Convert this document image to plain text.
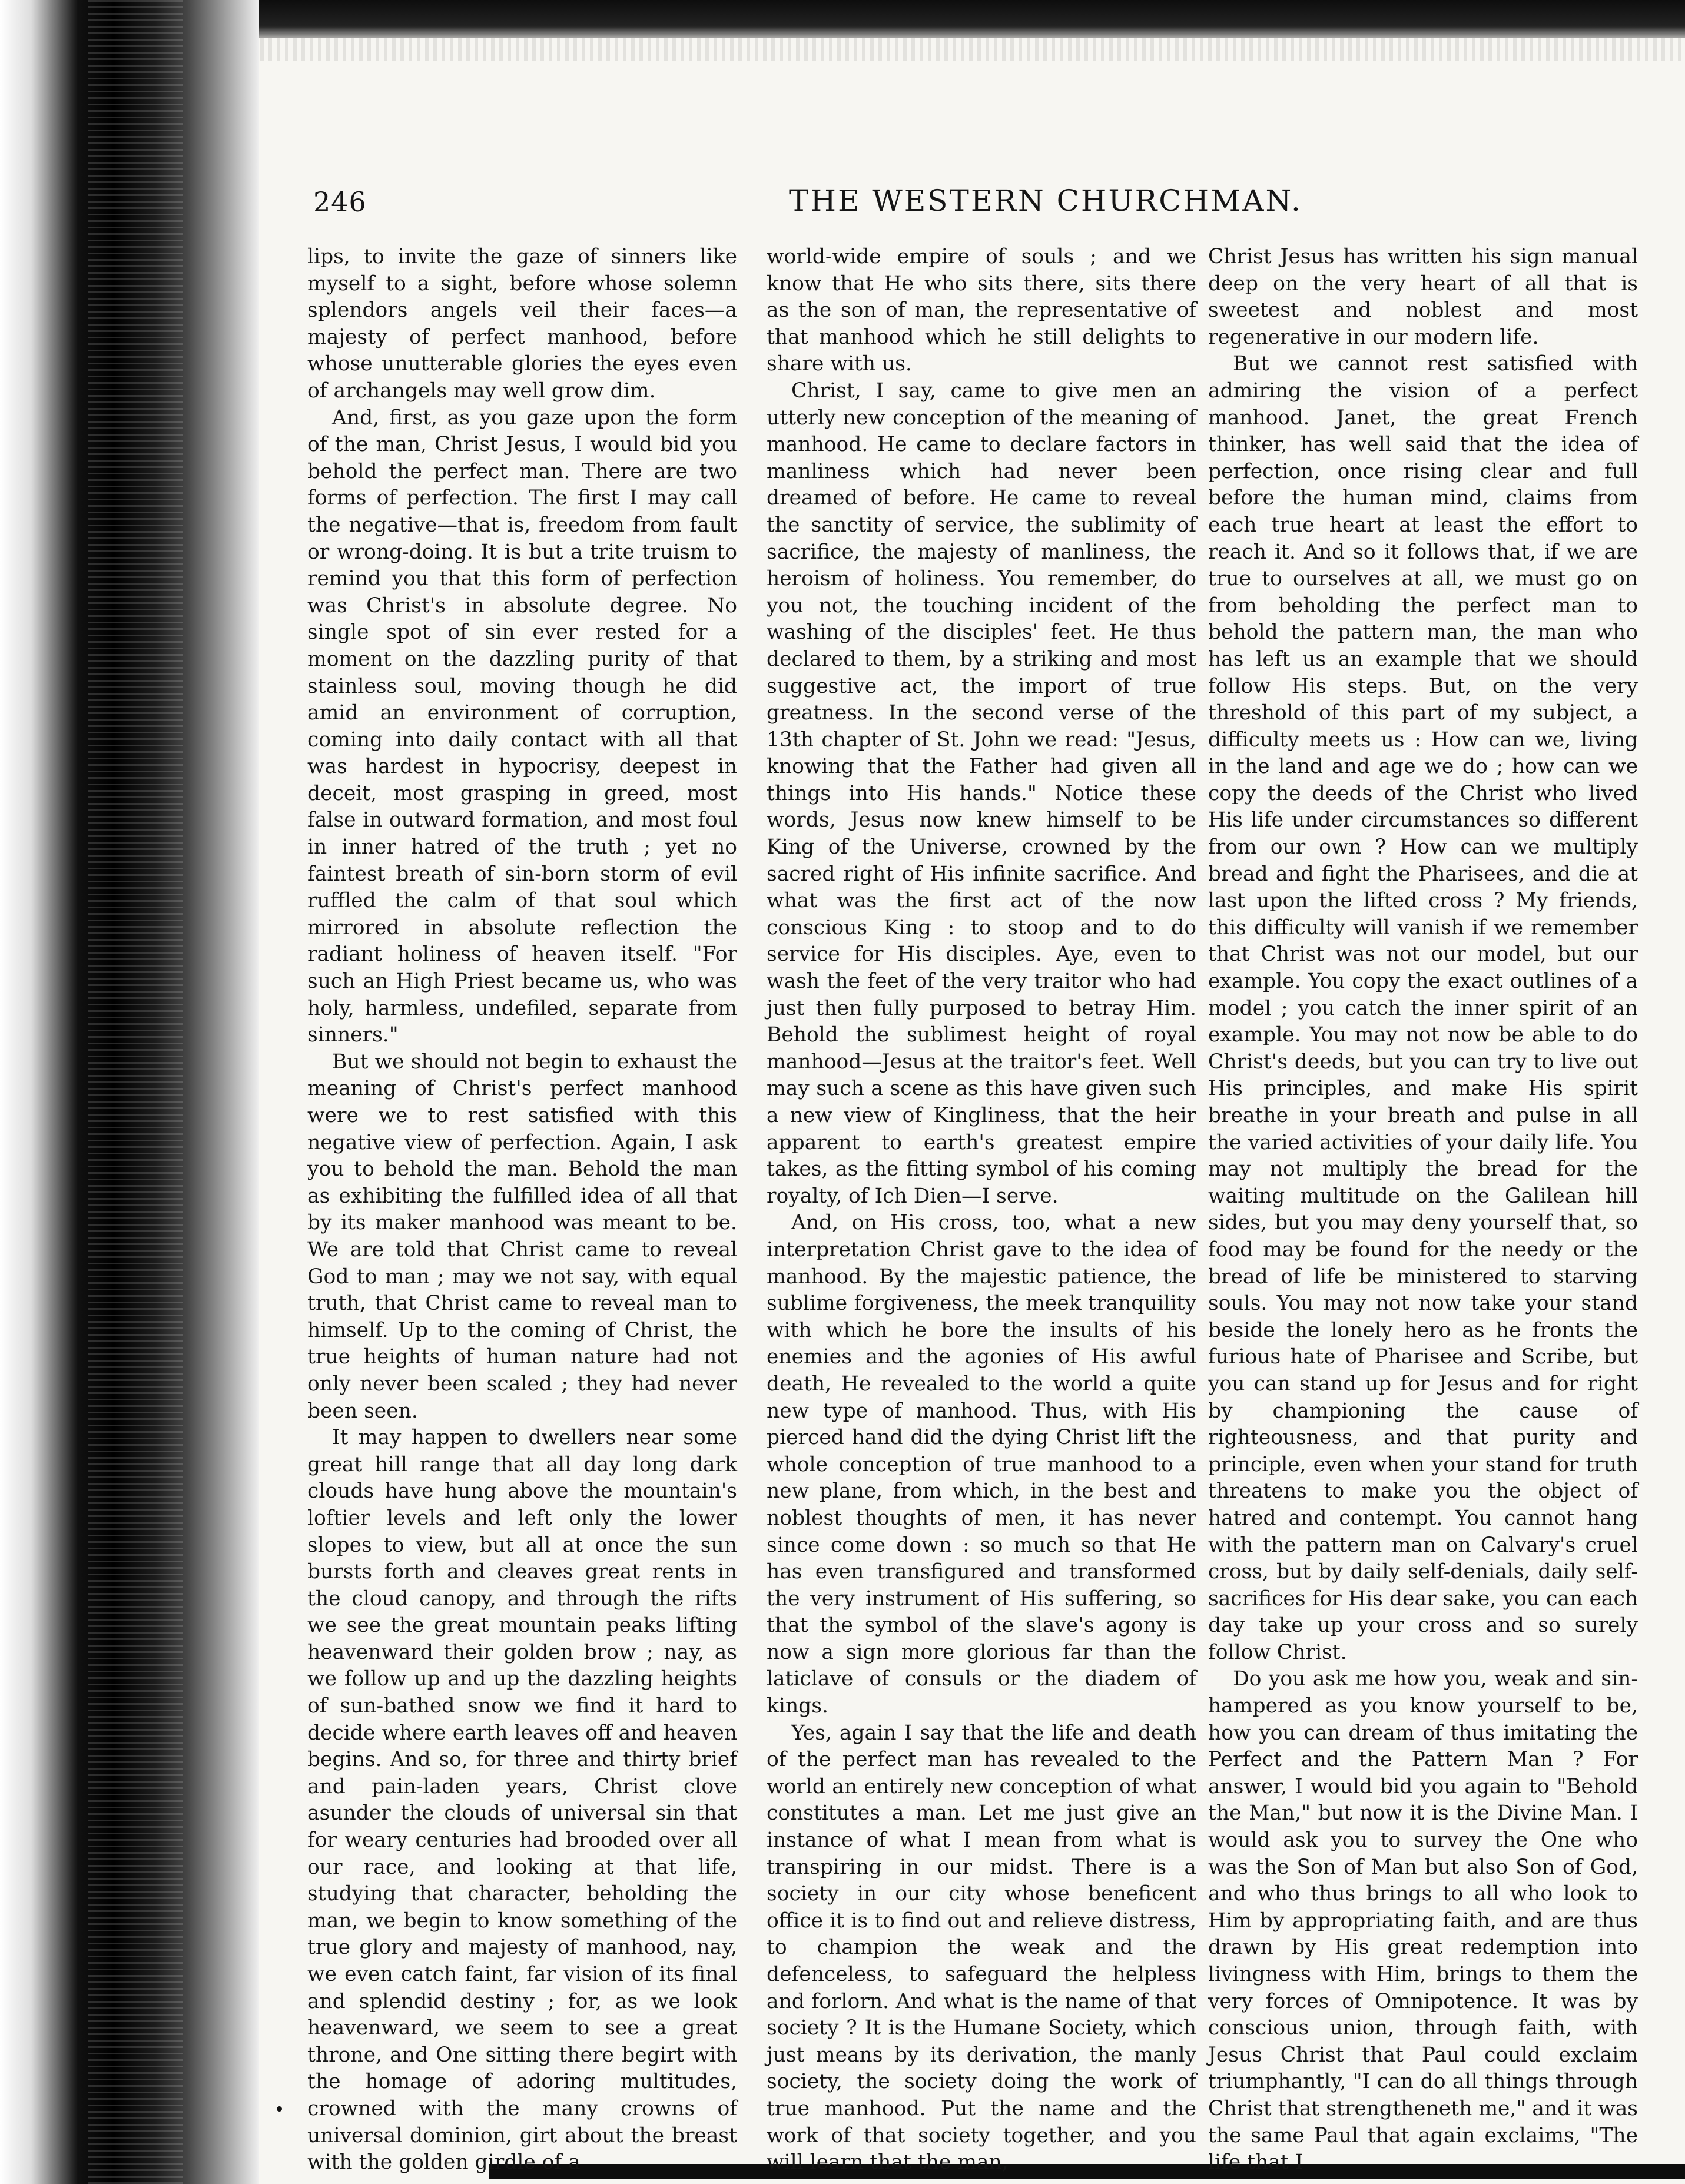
246	THE WESTERN CHURCHMAN.

lips, to invite the gaze of sinners like myself to a sight, before whose solemn splendors angels veil their faces—a majesty of perfect manhood, before whose unutterable glories the eyes even of archangels may well grow dim.

And, first, as you gaze upon the form of the man, Christ Jesus, I would bid you behold the perfect man. There are two forms of perfection. The first I may call the negative—that is, freedom from fault or wrong-doing. It is but a trite truism to remind you that this form of perfection was Christ's in absolute degree. No single spot of sin ever rested for a moment on the dazzling purity of that stainless soul, moving though he did amid an environment of corruption, coming into daily contact with all that was hardest in hypocrisy, deepest in deceit, most grasping in greed, most false in outward formation, and most foul in inner hatred of the truth ; yet no faintest breath of sin-born storm of evil ruffled the calm of that soul which mirrored in absolute reflection the radiant holiness of heaven itself. "For such an High Priest became us, who was holy, harmless, undefiled, separate from sinners."

But we should not begin to exhaust the meaning of Christ's perfect manhood were we to rest satisfied with this negative view of perfection. Again, I ask you to behold the man. Behold the man as exhibiting the fulfilled idea of all that by its maker manhood was meant to be. We are told that Christ came to reveal God to man ; may we not say, with equal truth, that Christ came to reveal man to himself. Up to the coming of Christ, the true heights of human nature had not only never been scaled ; they had never been seen.

It may happen to dwellers near some great hill range that all day long dark clouds have hung above the mountain's loftier levels and left only the lower slopes to view, but all at once the sun bursts forth and cleaves great rents in the cloud canopy, and through the rifts we see the great mountain peaks lifting heavenward their golden brow ; nay, as we follow up and up the dazzling heights of sun-bathed snow we find it hard to decide where earth leaves off and heaven begins. And so, for three and thirty brief and pain-laden years, Christ clove asunder the clouds of universal sin that for weary centuries had brooded over all our race, and looking at that life, studying that character, beholding the man, we begin to know something of the true glory and majesty of manhood, nay, we even catch faint, far vision of its final and splendid destiny ; for, as we look heavenward, we seem to see a great throne, and One sitting there begirt with the homage of adoring multitudes, crowned with the many crowns of universal dominion, girt about the breast with the golden girdle of a

world-wide empire of souls ; and we know that He who sits there, sits there as the son of man, the representative of that manhood which he still delights to share with us.

Christ, I say, came to give men an utterly new conception of the meaning of manhood. He came to declare factors in manliness which had never been dreamed of before. He came to reveal the sanctity of service, the sublimity of sacrifice, the majesty of manliness, the heroism of holiness. You remember, do you not, the touching incident of the washing of the disciples' feet. He thus declared to them, by a striking and most suggestive act, the import of true greatness. In the second verse of the 13th chapter of St. John we read: "Jesus, knowing that the Father had given all things into His hands." Notice these words, Jesus now knew himself to be King of the Universe, crowned by the sacred right of His infinite sacrifice. And what was the first act of the now conscious King : to stoop and to do service for His disciples. Aye, even to wash the feet of the very traitor who had just then fully purposed to betray Him. Behold the sublimest height of royal manhood—Jesus at the traitor's feet. Well may such a scene as this have given such a new view of Kingliness, that the heir apparent to earth's greatest empire takes, as the fitting symbol of his coming royalty, of Ich Dien—I serve.

And, on His cross, too, what a new interpretation Christ gave to the idea of manhood. By the majestic patience, the sublime forgiveness, the meek tranquility with which he bore the insults of his enemies and the agonies of His awful death, He revealed to the world a quite new type of manhood. Thus, with His pierced hand did the dying Christ lift the whole conception of true manhood to a new plane, from which, in the best and noblest thoughts of men, it has never since come down : so much so that He has even transfigured and transformed the very instrument of His suffering, so that the symbol of the slave's agony is now a sign more glorious far than the laticlave of consuls or the diadem of kings.

Yes, again I say that the life and death of the perfect man has revealed to the world an entirely new conception of what constitutes a man. Let me just give an instance of what I mean from what is transpiring in our midst. There is a society in our city whose beneficent office it is to find out and relieve distress, to champion the weak and the defenceless, to safeguard the helpless and forlorn. And what is the name of that society ? It is the Humane Society, which just means by its derivation, the manly society, the society doing the work of true manhood. Put the name and the work of that society together, and you will learn that the man,

Christ Jesus has written his sign manual deep on the very heart of all that is sweetest and noblest and most regenerative in our modern life.

But we cannot rest satisfied with admiring the vision of a perfect manhood. Janet, the great French thinker, has well said that the idea of perfection, once rising clear and full before the human mind, claims from each true heart at least the effort to reach it. And so it follows that, if we are true to ourselves at all, we must go on from beholding the perfect man to behold the pattern man, the man who has left us an example that we should follow His steps. But, on the very threshold of this part of my subject, a difficulty meets us : How can we, living in the land and age we do ; how can we copy the deeds of the Christ who lived His life under circumstances so different from our own ? How can we multiply bread and fight the Pharisees, and die at last upon the lifted cross ? My friends, this difficulty will vanish if we remember that Christ was not our model, but our example. You copy the exact outlines of a model ; you catch the inner spirit of an example. You may not now be able to do Christ's deeds, but you can try to live out His principles, and make His spirit breathe in your breath and pulse in all the varied activities of your daily life. You may not multiply the bread for the waiting multitude on the Galilean hill sides, but you may deny yourself that, so food may be found for the needy or the bread of life be ministered to starving souls. You may not now take your stand beside the lonely hero as he fronts the furious hate of Pharisee and Scribe, but you can stand up for Jesus and for right by championing the cause of righteousness, and that purity and principle, even when your stand for truth threatens to make you the object of hatred and contempt. You cannot hang with the pattern man on Calvary's cruel cross, but by daily self-denials, daily self-sacrifices for His dear sake, you can each day take up your cross and so surely follow Christ.

Do you ask me how you, weak and sin-hampered as you know yourself to be, how you can dream of thus imitating the Perfect and the Pattern Man ? For answer, I would bid you again to "Behold the Man," but now it is the Divine Man. I would ask you to survey the One who was the Son of Man but also Son of God, and who thus brings to all who look to Him by appropriating faith, and are thus drawn by His great redemption into livingness with Him, brings to them the very forces of Omnipotence. It was by conscious union, through faith, with Jesus Christ that Paul could exclaim triumphantly, "I can do all things through Christ that strengtheneth me," and it was the same Paul that again exclaims, "The life that I
